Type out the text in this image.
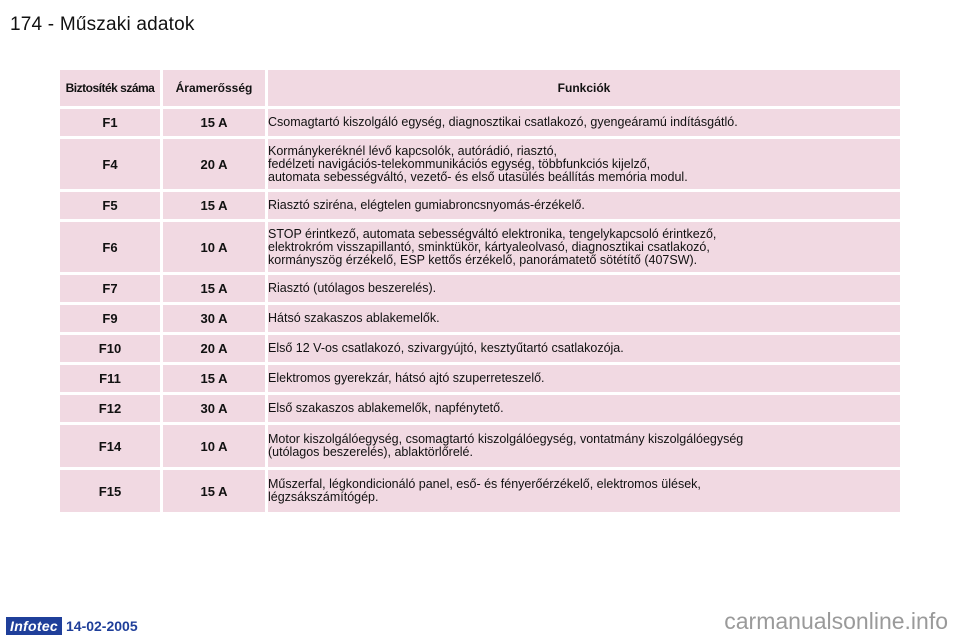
174 - Műszaki adatok
Biztosíték száma	Áramerősség	Funkciók
F1	15 A	Csomagtartó kiszolgáló egység, diagnosztikai csatlakozó, gyengeáramú indításgátló.
F4	20 A	Kormánykeréknél lévő kapcsolók, autórádió, riasztó,
fedélzeti navigációs-telekommunikációs egység, többfunkciós kijelző,
automata sebességváltó, vezető- és első utasülés beállítás memória modul.
F5	15 A	Riasztó sziréna, elégtelen gumiabroncsnyomás-érzékelő.
F6	10 A	STOP érintkező, automata sebességváltó elektronika, tengelykapcsoló érintkező,
elektrokróm visszapillantó, sminktükör, kártyaleolvasó, diagnosztikai csatlakozó,
kormányszög érzékelő, ESP kettős érzékelő, panorámatető sötétítő (407SW).
F7	15 A	Riasztó (utólagos beszerelés).
F9	30 A	Hátsó szakaszos ablakemelők.
F10	20 A	Első 12 V-os csatlakozó, szivargyújtó, kesztyűtartó csatlakozója.
F11	15 A	Elektromos gyerekzár, hátsó ajtó szuperreteszelő.
F12	30 A	Első szakaszos ablakemelők, napfénytető.
F14	10 A	Motor kiszolgálóegység, csomagtartó kiszolgálóegység, vontatmány kiszolgálóegység
(utólagos beszerelés), ablaktörlőrelé.
F15	15 A	Műszerfal, légkondicionáló panel, eső- és fényerőérzékelő, elektromos ülések,
légzsákszámítógép.
Infotec 14-02-2005	carmanualsonline.info
